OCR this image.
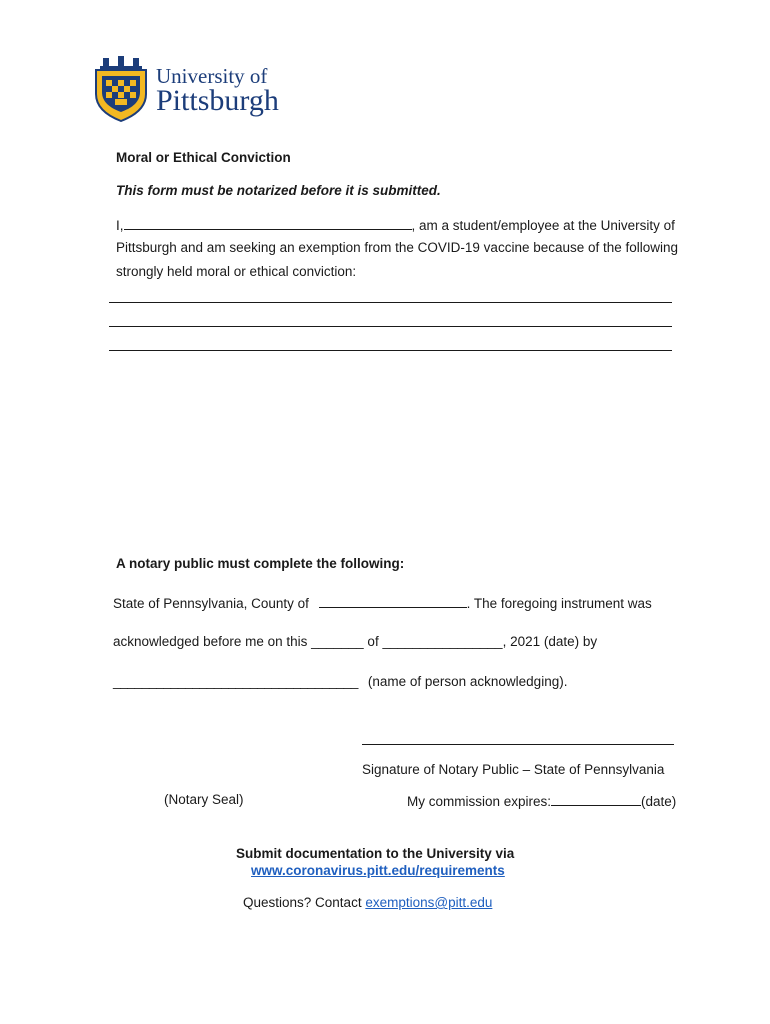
University of
Pittsburgh
Moral or Ethical Conviction
This form must be notarized before it is submitted.
I,	, am a student/employee at the University of
Pittsburgh and am seeking an exemption from the COVID-19 vaccine because of the following
strongly held moral or ethical conviction:
A notary public must complete the following:
State of Pennsylvania, County of	. The foregoing instrument was
acknowledged before me on this _______ of ________________, 2021 (date) by
__________________________________ (name of person acknowledging).
Signature of Notary Public – State of Pennsylvania
(Notary Seal)	My commission expires:	(date)
Submit documentation to the University via
www.coronavirus.pitt.edu/requirements
Questions? Contact exemptions@pitt.edu
